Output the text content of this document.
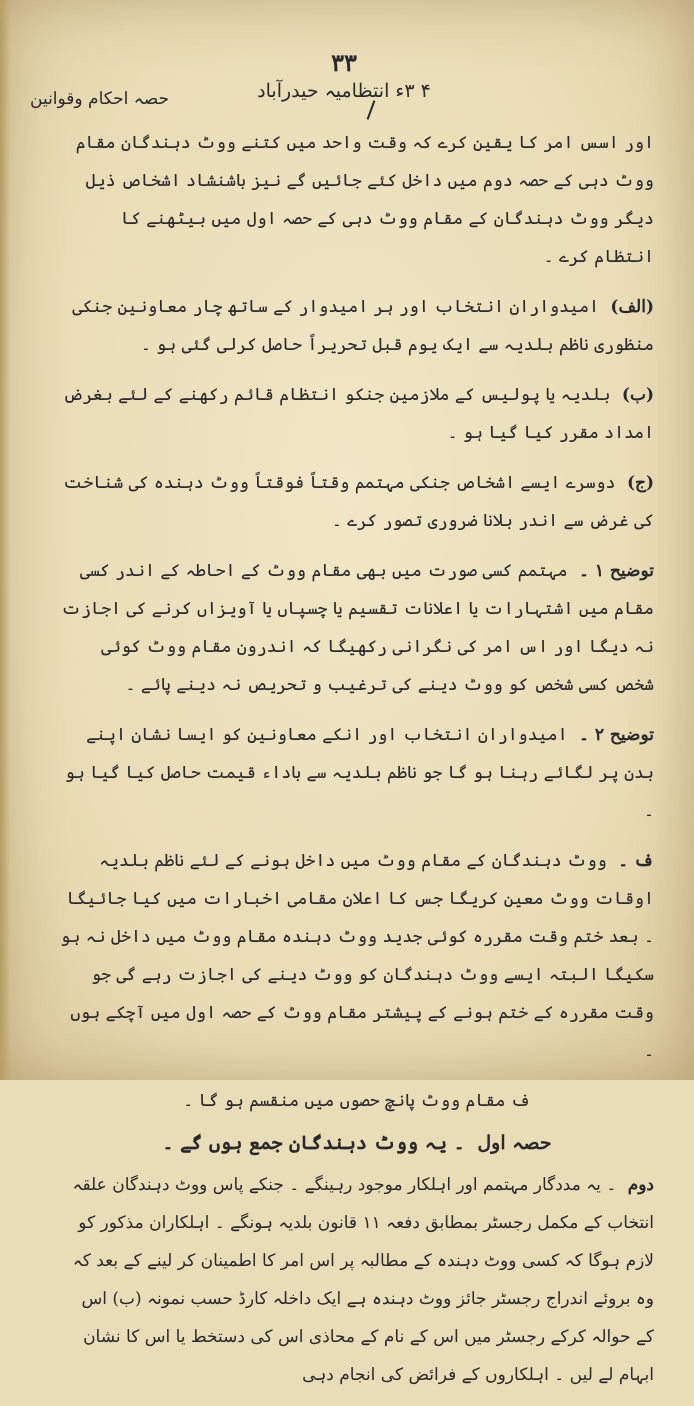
۳۳
۴ ۳ء انتظامیہ حیدرآباد
حصہ احکام وقوانین

اور اسس امر کا یقین کرے کہ وقت واحد میں کتنے ووٹ دہندگان مقام ووٹ دہی کے حصہ دوم میں داخل کئے جائیں گے نیز باشنشاد اشخاص ذیل دیگر ووٹ دہندگان کے مقام ووٹ دہی کے حصہ اول میں بیٹھنے کا انتظام کرے ۔

(الف) امیدواران انتخاب اور ہر امیدوار کے ساتھ چار معاونین جنکی منظوری ناظم بلدیہ سے ایک یوم قبل تحریراً حاصل کرلی گئی ہو ۔

(ب) بلدیہ یا پولیس کے ملازمین جنکو انتظام قائم رکھنے کے لئے بغرض امداد مقرر کیا گیا ہو ۔

(ج) دوسرے ایسے اشخاص جنکی مہتمم وقتاً فوقتاً ووٹ دہندہ کی شناخت کی غرض سے اندر بلانا ضروری تصور کرے ۔

توضیح ۱ ۔ مہتمم کسی صورت میں بھی مقام ووٹ کے احاطہ کے اندر کسی مقام میں اشتہارات یا اعلانات تقسیم یا چسپاں یا آویزاں کرنے کی اجازت نہ دیگا اور اس امر کی نگرانی رکھیگا کہ اندرون مقام ووٹ کوئی شخص کسی شخص کو ووٹ دینے کی ترغیب و تحریص نہ دینے پائے ۔

توضیح ۲ ۔ امیدواران انتخاب اور انکے معاونین کو ایسا نشان اپنے بدن پر لگائے رہنا ہو گا جو ناظم بلدیہ سے باداء قیمت حاصل کیا گیا ہو ۔

ف ۔ ووٹ دہندگان کے مقام ووٹ میں داخل ہونے کے لئے ناظم بلدیہ اوقات ووٹ معین کریگا جس کا اعلان مقامی اخبارات میں کیا جائیگا ۔ بعد ختم وقت مقررہ کوئی جدید ووٹ دہندہ مقام ووٹ میں داخل نہ ہو سکیگا البتہ ایسے ووٹ دہندگان کو ووٹ دینے کی اجازت رہے گی جو وقت مقررہ کے ختم ہونے کے پیشتر مقام ووٹ کے حصہ اول میں آچکے ہوں ۔

ف مقام ووٹ پانچ حصوں میں منقسم ہو گا ۔

حصہ اول ۔ یہ ووٹ دہندگان جمع ہوں گے ۔

دوم ۔ یہ مددگار مہتمم اور اہلکار موجود رہینگے ۔ جنکے پاس ووٹ دہندگان علقہ انتخاب کے مکمل رجسٹر بمطابق دفعہ ۱۱ قانون بلدیہ ہونگے ۔ اہلکاران مذکور کو لازم ہوگا کہ کسی ووٹ دہندہ کے مطالبہ پر اس امر کا اطمینان کر لینے کے بعد کہ وہ بروئے اندراج رجسٹر جائز ووٹ دہندہ ہے ایک داخلہ کارڈ حسب نمونہ (ب) اس کے حوالہ کرکے رجسٹر میں اس کے نام کے محاذی اس کی دستخط یا اس کا نشان ابہام لے لیں ۔ اہلکاروں کے فرائض کی انجام دہی
